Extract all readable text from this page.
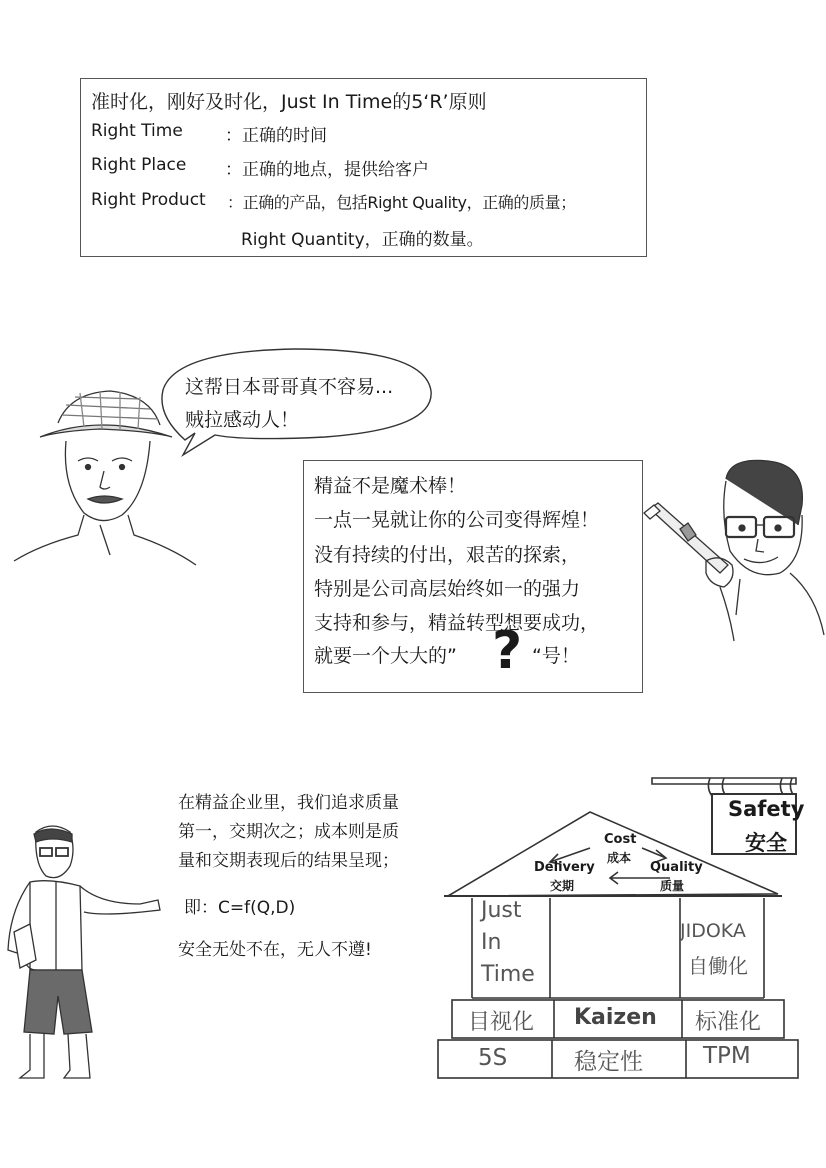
准时化，刚好及时化，Just In Time的5‘R’原则
Right Time ：正确的时间
Right Place ：正确的地点，提供给客户
Right Product ：正确的产品，包括Right Quality，正确的质量；
Right Quantity，正确的数量。
这帮日本哥哥真不容易...
贼拉感动人！
精益不是魔术棒！
一点一晃就让你的公司变得辉煌！
没有持续的付出，艰苦的探索，
特别是公司高层始终如一的强力
支持和参与，精益转型想要成功，
就要一个大大的” ? “号！
在精益企业里，我们追求质量
第一，交期次之；成本则是质
量和交期表现后的结果呈现；
即：C=f(Q,D)
安全无处不在，无人不遵!
Safety
安全
Cost
成本
Delivery
交期
Quality
质量
Just
In
Time
JIDOKA
自働化
目视化 Kaizen 标准化
5S	稳定性	TPM
